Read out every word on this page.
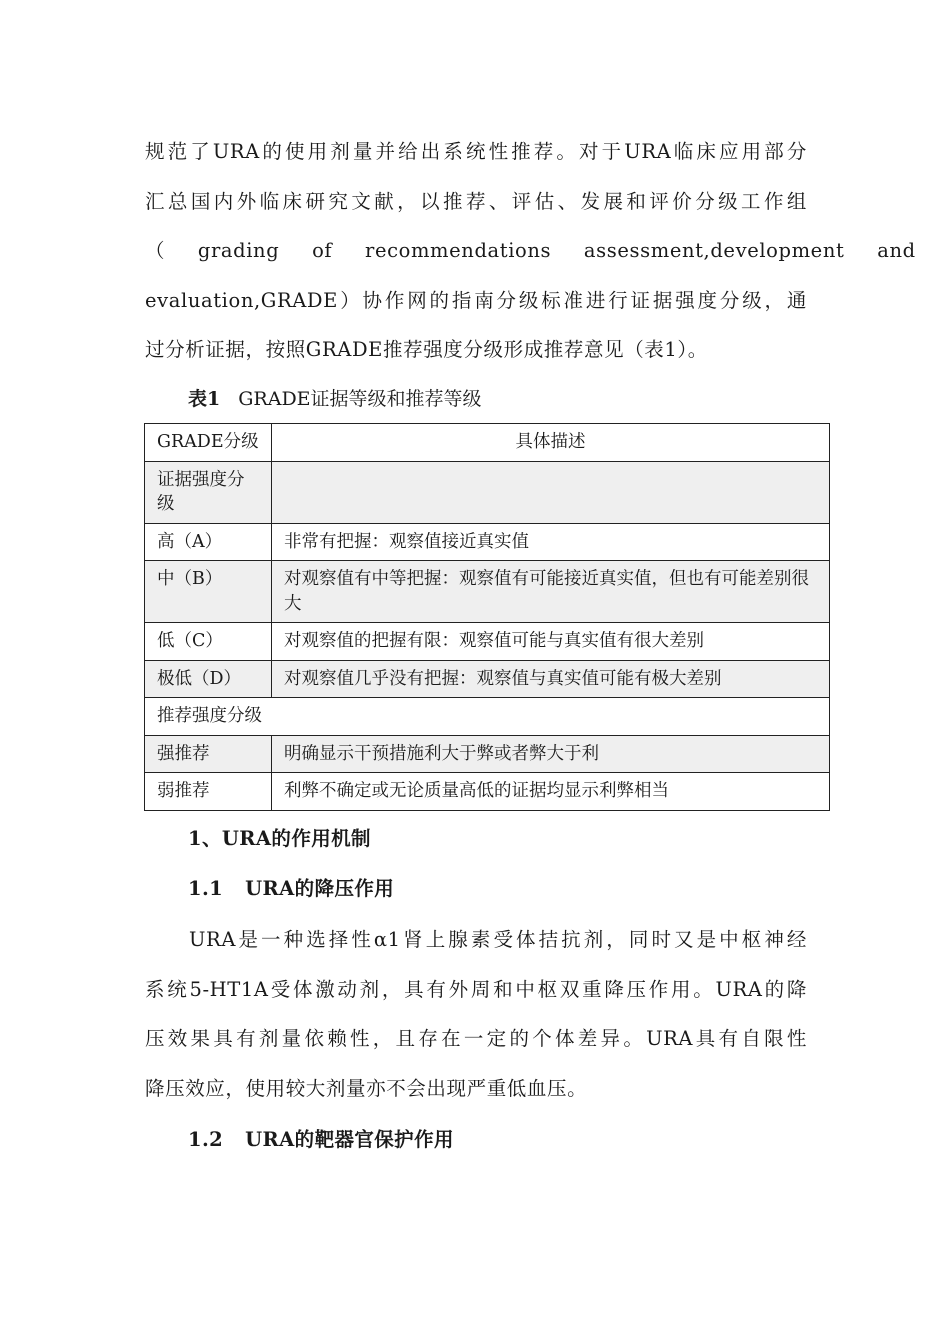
规范了URA的使用剂量并给出系统性推荐。对于URA临床应用部分
汇总国内外临床研究文献，以推荐、评估、发展和评价分级工作组
（ grading of recommendations assessment,development and
evaluation,GRADE）协作网的指南分级标准进行证据强度分级，通
过分析证据，按照GRADE推荐强度分级形成推荐意见（表1）。
表1 GRADE证据等级和推荐等级
GRADE分级	具体描述
证据强度分级	
高（A）	非常有把握：观察值接近真实值
中（B）	对观察值有中等把握：观察值有可能接近真实值，但也有可能差别很大
低（C）	对观察值的把握有限：观察值可能与真实值有很大差别
极低（D）	对观察值几乎没有把握：观察值与真实值可能有极大差别
推荐强度分级	
强推荐	明确显示干预措施利大于弊或者弊大于利
弱推荐	利弊不确定或无论质量高低的证据均显示利弊相当
1、URA的作用机制
1.1 URA的降压作用
URA是一种选择性α1肾上腺素受体拮抗剂，同时又是中枢神经
系统5-HT1A受体激动剂，具有外周和中枢双重降压作用。URA的降
压效果具有剂量依赖性，且存在一定的个体差异。URA具有自限性
降压效应，使用较大剂量亦不会出现严重低血压。
1.2 URA的靶器官保护作用
